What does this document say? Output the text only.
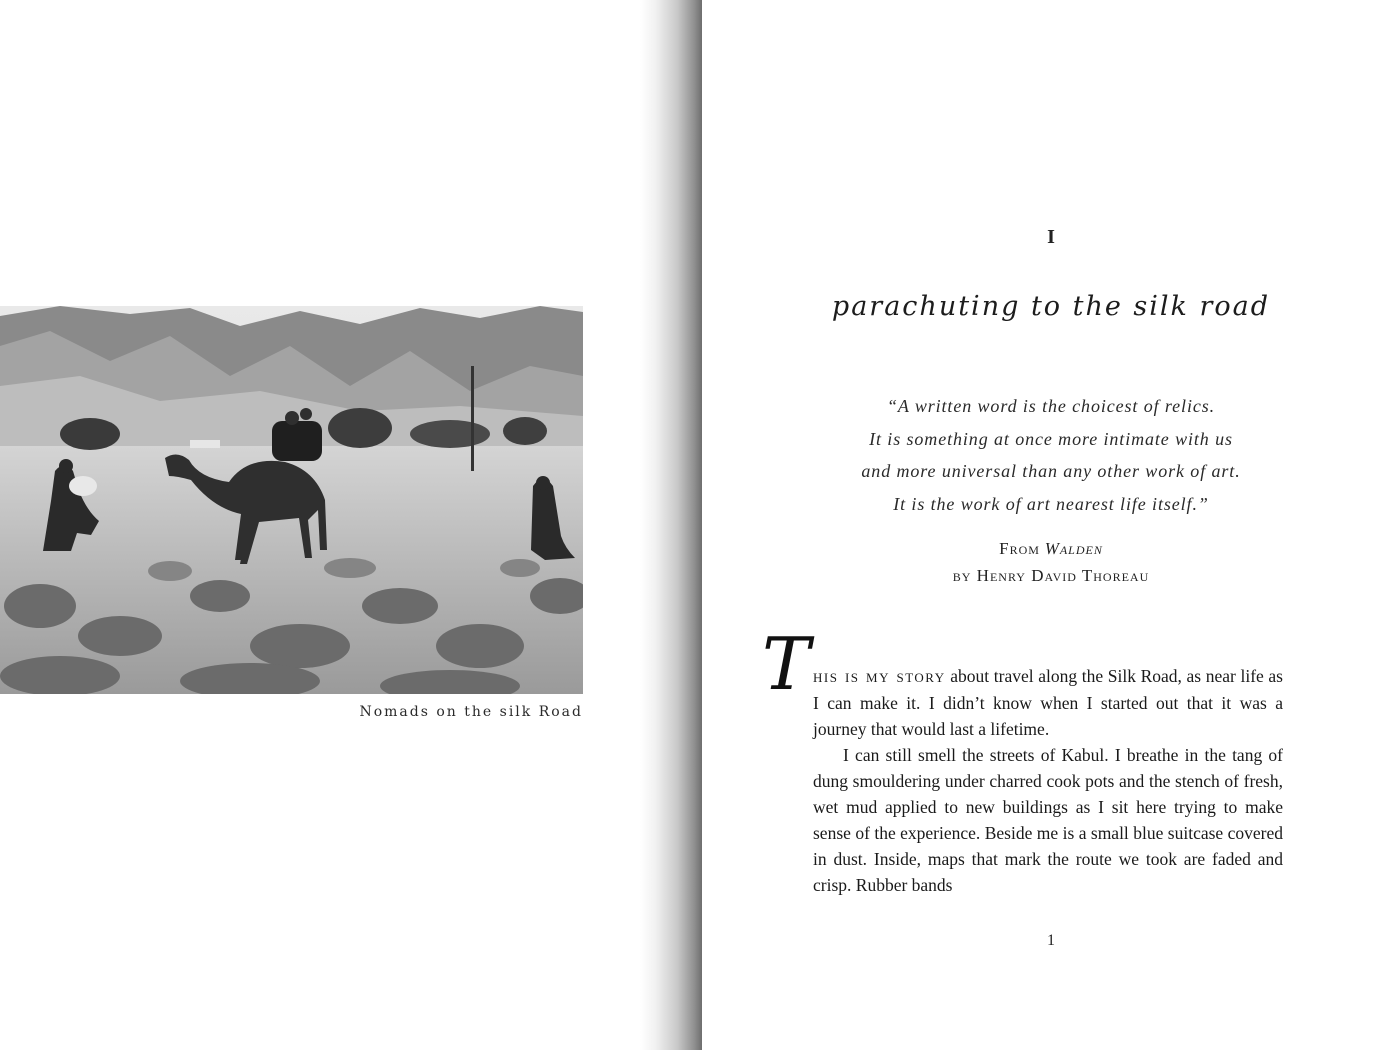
Nomads on the silk Road
I
parachuting to the silk road
“A written word is the choicest of relics.
It is something at once more intimate with us
and more universal than any other work of art.
It is the work of art nearest life itself.”
From Walden
by Henry David Thoreau
T his is my story about travel along the Silk Road, as near life as I can make it. I didn’t know when I started out that it was a journey that would last a lifetime.

I can still smell the streets of Kabul. I breathe in the tang of dung smouldering under charred cook pots and the stench of fresh, wet mud applied to new buildings as I sit here trying to make sense of the experience. Beside me is a small blue suitcase covered in dust. Inside, maps that mark the route we took are faded and crisp. Rubber bands

1
